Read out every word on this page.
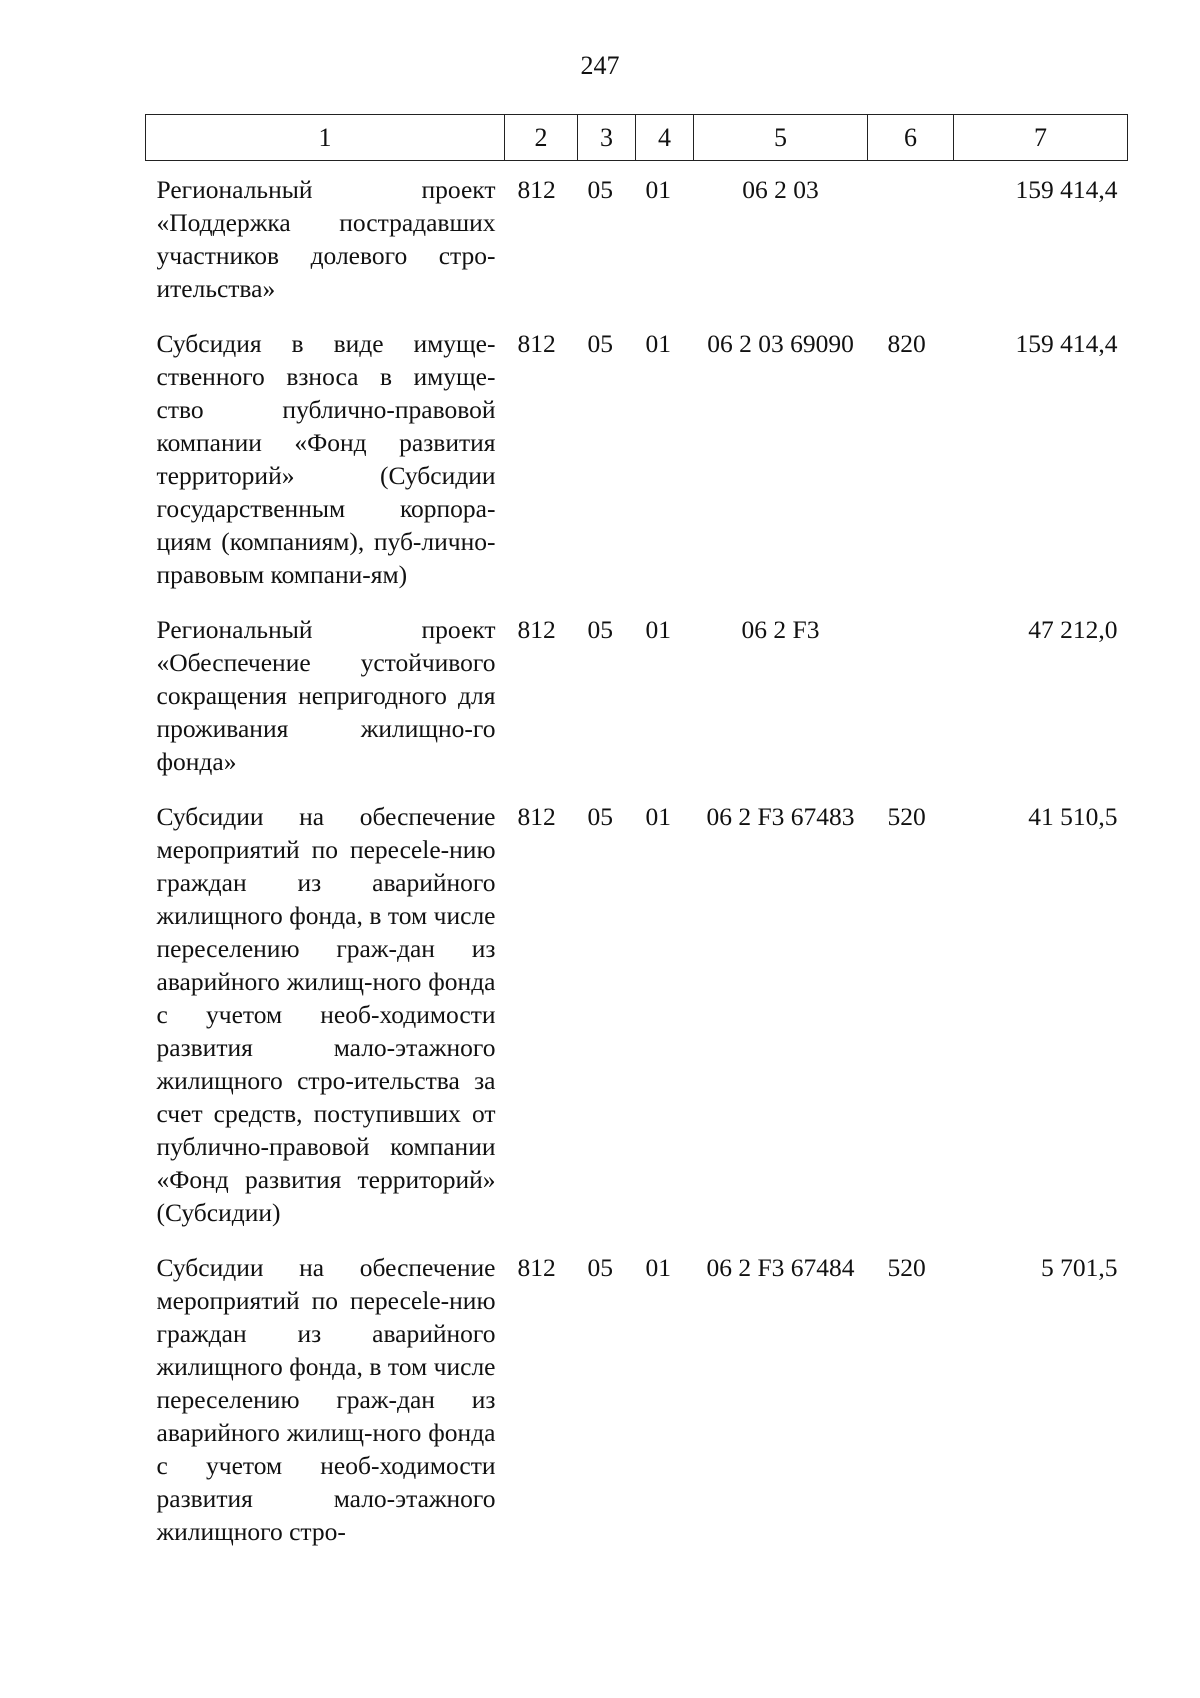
247
1	2	3	4	5	6	7
Региональный проект «Поддержка пострадавших участников долевого стро-ительства»	812	05	01	06 2 03		159 414,4
Субсидия в виде имуще-ственного взноса в имуще-ство публично-правовой компании «Фонд развития территорий» (Субсидии государственным корпора-циям (компаниям), пуб-лично-правовым компани-ям)	812	05	01	06 2 03 69090	820	159 414,4
Региональный проект «Обеспечение устойчивого сокращения непригодного для проживания жилищно-го фонда»	812	05	01	06 2 F3		47 212,0
Субсидии на обеспечение мероприятий по пересele-нию граждан из аварийного жилищного фонда, в том числе переселению граж-дан из аварийного жилищ-ного фонда с учетом необ-ходимости развития мало-этажного жилищного стро-ительства за счет средств, поступивших от публично-правовой компании «Фонд развития территорий» (Субсидии)	812	05	01	06 2 F3 67483	520	41 510,5
Субсидии на обеспечение мероприятий по пересele-нию граждан из аварийного жилищного фонда, в том числе переселению граж-дан из аварийного жилищ-ного фонда с учетом необ-ходимости развития мало-этажного жилищного стро-	812	05	01	06 2 F3 67484	520	5 701,5
